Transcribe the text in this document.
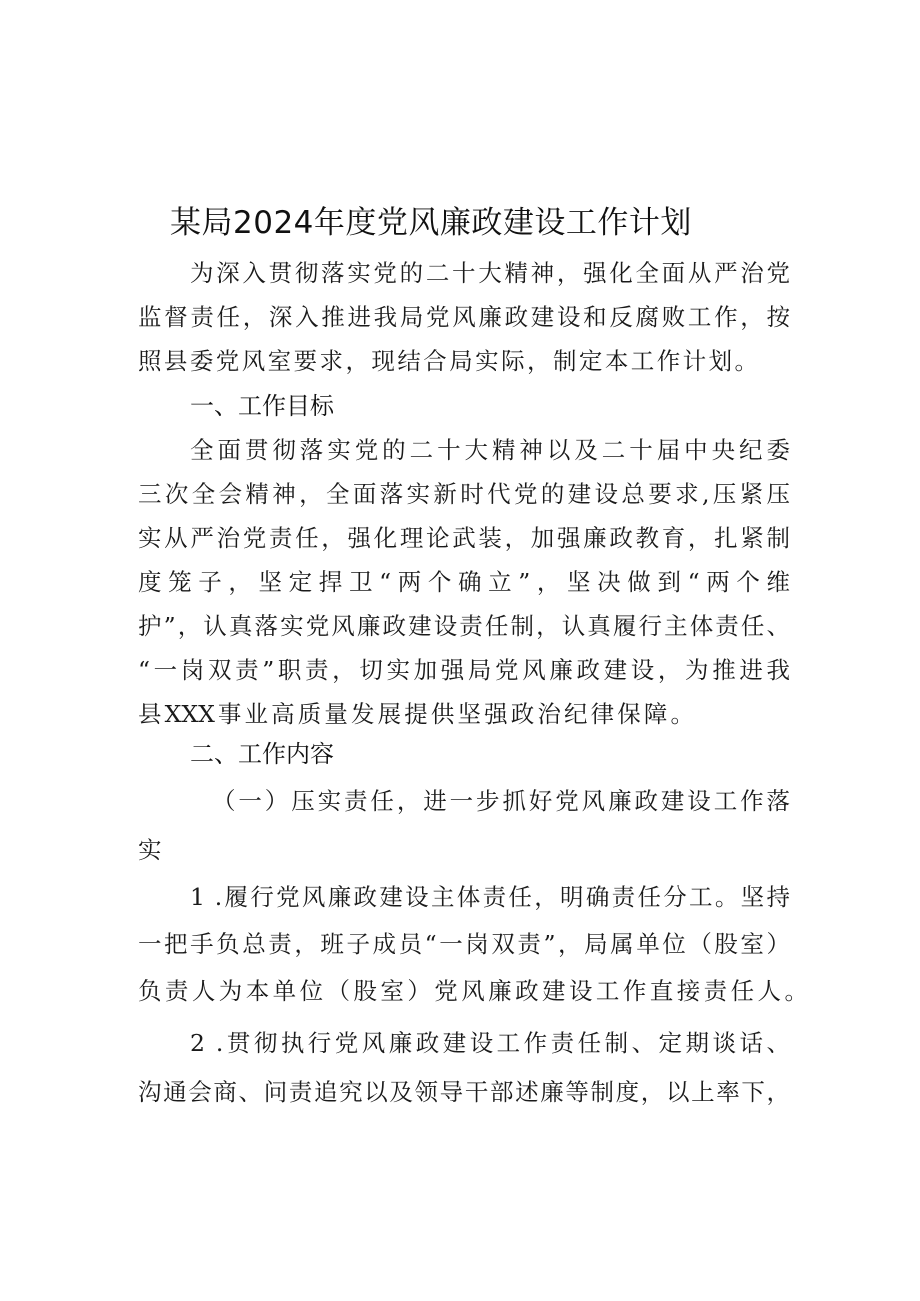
某局2024年度党风廉政建设工作计划
为深入贯彻落实党的二十大精神，强化全面从严治党
监督责任，深入推进我局党风廉政建设和反腐败工作，按
照县委党风室要求，现结合局实际，制定本工作计划。
一、工作目标
全面贯彻落实党的二十大精神以及二十届中央纪委
三次全会精神，全面落实新时代党的建设总要求,压紧压
实从严治党责任，强化理论武装，加强廉政教育，扎紧制
度笼子，坚定捍卫“两个确立”，坚决做到“两个维
护”，认真落实党风廉政建设责任制，认真履行主体责任、
“一岗双责”职责，切实加强局党风廉政建设，为推进我
县XXX事业高质量发展提供坚强政治纪律保障。
二、工作内容
（一）压实责任，进一步抓好党风廉政建设工作落
实
1 .履行党风廉政建设主体责任，明确责任分工。坚持
一把手负总责，班子成员“一岗双责”，局属单位（股室）
负责人为本单位（股室）党风廉政建设工作直接责任人。
2 .贯彻执行党风廉政建设工作责任制、定期谈话、
沟通会商、问责追究以及领导干部述廉等制度，以上率下，
